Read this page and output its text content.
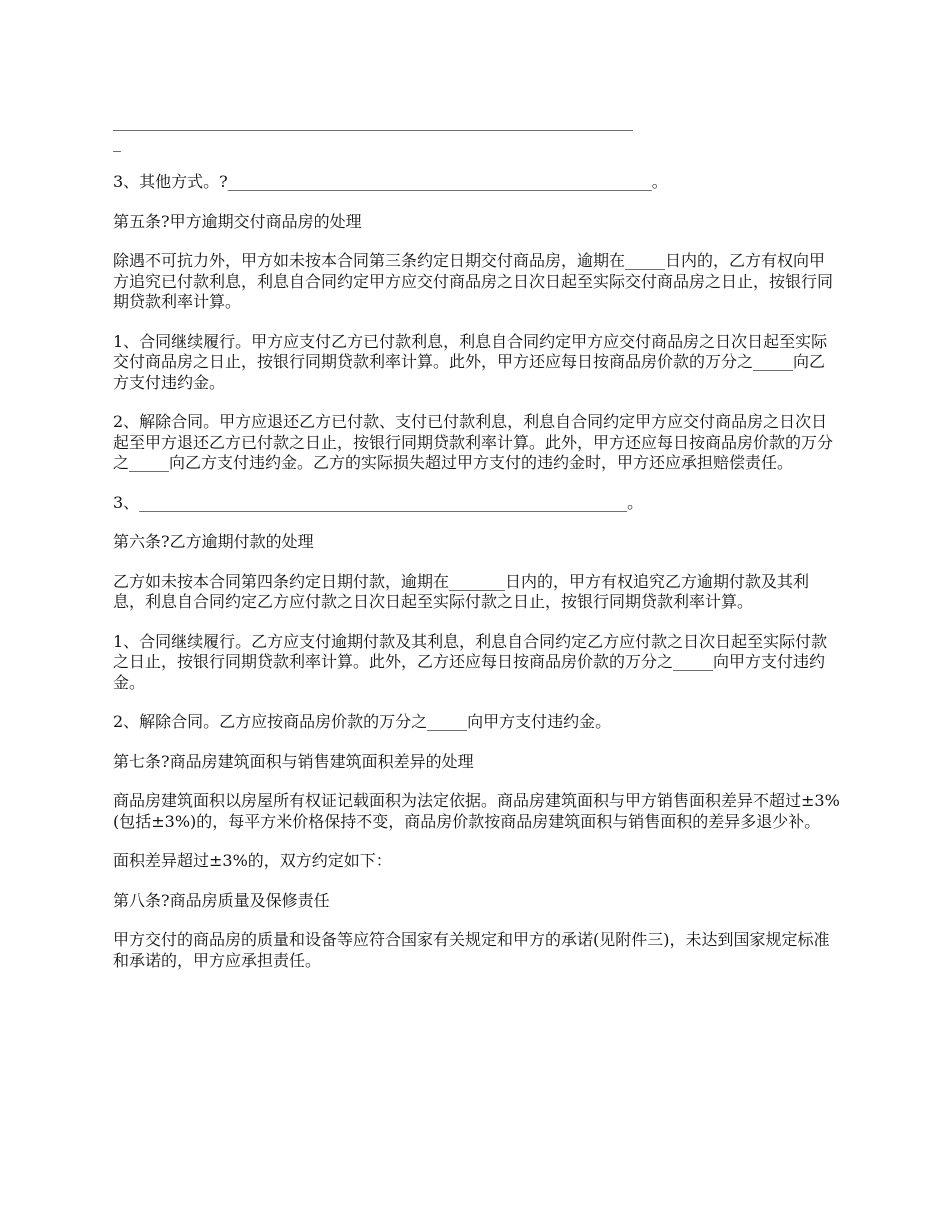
_________________________________________________________________

_

3、其他方式。?_____________________________________________________。

第五条?甲方逾期交付商品房的处理

除遇不可抗力外，甲方如未按本合同第三条约定日期交付商品房，逾期在_____日内的，乙方有权向甲方追究已付款利息，利息自合同约定甲方应交付商品房之日次日起至实际交付商品房之日止，按银行同期贷款利率计算。

1、合同继续履行。甲方应支付乙方已付款利息，利息自合同约定甲方应交付商品房之日次日起至实际交付商品房之日止，按银行同期贷款利率计算。此外，甲方还应每日按商品房价款的万分之_____向乙方支付违约金。

2、解除合同。甲方应退还乙方已付款、支付已付款利息，利息自合同约定甲方应交付商品房之日次日起至甲方退还乙方已付款之日止，按银行同期贷款利率计算。此外，甲方还应每日按商品房价款的万分之_____向乙方支付违约金。乙方的实际损失超过甲方支付的违约金时，甲方还应承担赔偿责任。

3、_____________________________________________________________。

第六条?乙方逾期付款的处理

乙方如未按本合同第四条约定日期付款，逾期在_______日内的，甲方有权追究乙方逾期付款及其利息，利息自合同约定乙方应付款之日次日起至实际付款之日止，按银行同期贷款利率计算。

1、合同继续履行。乙方应支付逾期付款及其利息，利息自合同约定乙方应付款之日次日起至实际付款之日止，按银行同期贷款利率计算。此外，乙方还应每日按商品房价款的万分之_____向甲方支付违约金。

2、解除合同。乙方应按商品房价款的万分之_____向甲方支付违约金。

第七条?商品房建筑面积与销售建筑面积差异的处理

商品房建筑面积以房屋所有权证记载面积为法定依据。商品房建筑面积与甲方销售面积差异不超过±3%(包括±3%)的，每平方米价格保持不变，商品房价款按商品房建筑面积与销售面积的差异多退少补。

面积差异超过±3%的，双方约定如下：

第八条?商品房质量及保修责任

甲方交付的商品房的质量和设备等应符合国家有关规定和甲方的承诺(见附件三)，未达到国家规定标准和承诺的，甲方应承担责任。
